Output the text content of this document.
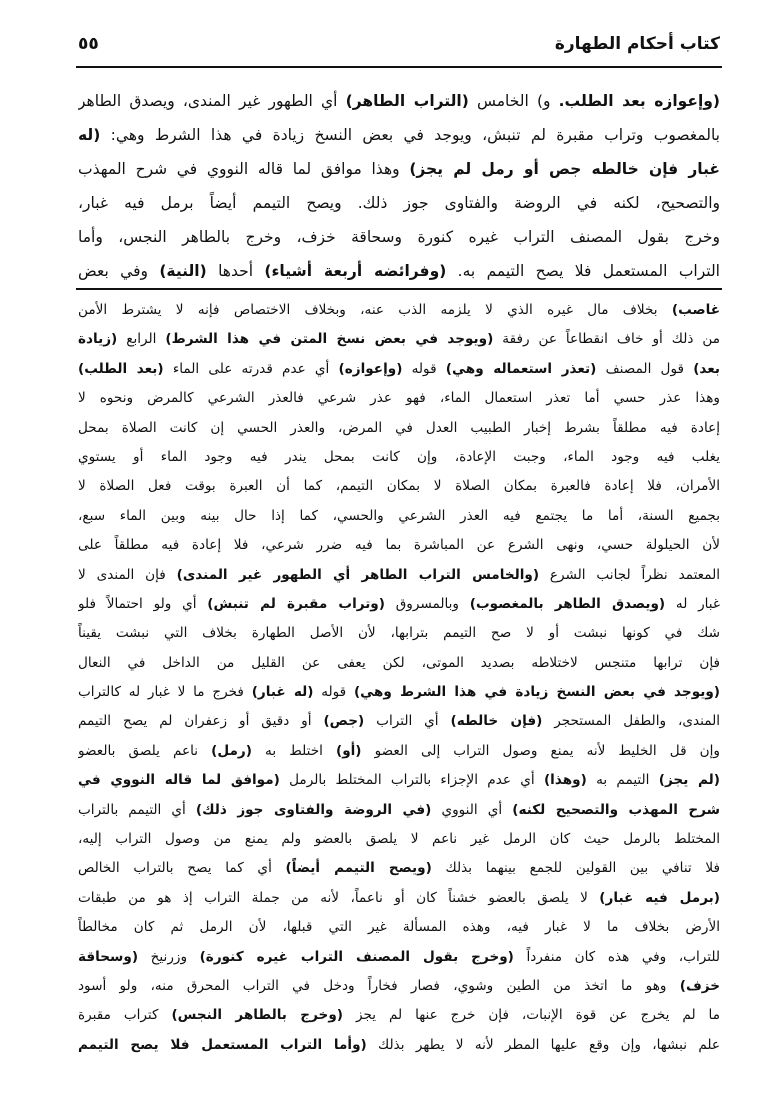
كتاب أحكام الطهارة
٥٥
(وإعوازه بعد الطلب. و) الخامس (التراب الطاهر) أي الطهور غير المندى، ويصدق الطاهر
بالمغصوب وتراب مقبرة لم تنبش، ويوجد في بعض النسخ زيادة في هذا الشرط وهي: (له
غبار فإن خالطه جص أو رمل لم يجز) وهذا موافق لما قاله النووي في شرح المهذب
والتصحيح، لكنه في الروضة والفتاوى جوز ذلك. ويصح التيمم أيضاً برمل فيه غبار،
وخرج بقول المصنف التراب غيره كنورة وسحاقة خزف، وخرج بالطاهر النجس، وأما
التراب المستعمل فلا يصح التيمم به. (وفرائضه أربعة أشياء) أحدها (النية) وفي بعض
غاصب) بخلاف مال غيره الذي لا يلزمه الذب عنه، وبخلاف الاختصاص فإنه لا يشترط الأمن
من ذلك أو خاف انقطاعاً عن رفقة (ويوجد في بعض نسخ المتن في هذا الشرط) الرابع (زيادة
بعد) قول المصنف (تعذر استعماله وهي) قوله (وإعوازه) أي عدم قدرته على الماء (بعد الطلب)
وهذا عذر حسي أما تعذر استعمال الماء، فهو عذر شرعي فالعذر الشرعي كالمرض ونحوه لا
إعادة فيه مطلقاً بشرط إخبار الطبيب العدل في المرض، والعذر الحسي إن كانت الصلاة بمحل
يغلب فيه وجود الماء، وجبت الإعادة، وإن كانت بمحل يندر فيه وجود الماء أو يستوي
الأمران، فلا إعادة فالعبرة بمكان الصلاة لا بمكان التيمم، كما أن العبرة بوقت فعل الصلاة لا
بجميع السنة، أما ما يجتمع فيه العذر الشرعي والحسي، كما إذا حال بينه وبين الماء سبع،
لأن الحيلولة حسي، ونهى الشرع عن المباشرة بما فيه ضرر شرعي، فلا إعادة فيه مطلقاً على
المعتمد نظراً لجانب الشرع (والخامس التراب الطاهر أي الطهور غير المندى) فإن المندى لا
غبار له (ويصدق الطاهر بالمغصوب) وبالمسروق (وتراب مقبرة لم تنبش) أي ولو احتمالاً فلو
شك في كونها نبشت أو لا صح التيمم بترابها، لأن الأصل الطهارة بخلاف التي نبشت يقيناً
فإن ترابها متنجس لاختلاطه بصديد الموتى، لكن يعفى عن القليل من الداخل في النعال
(ويوجد في بعض النسخ زيادة في هذا الشرط وهي) قوله (له غبار) فخرج ما لا غبار له كالتراب
المندى، والطفل المستحجر (فإن خالطه) أي التراب (جص) أو دقيق أو زعفران لم يصح التيمم
وإن قل الخليط لأنه يمنع وصول التراب إلى العضو (أو) اختلط به (رمل) ناعم يلصق بالعضو
(لم يجز) التيمم به (وهذا) أي عدم الإجزاء بالتراب المختلط بالرمل (موافق لما قاله النووي في
شرح المهذب والتصحيح لكنه) أي النووي (في الروضة والفتاوى جوز ذلك) أي التيمم بالتراب
المختلط بالرمل حيث كان الرمل غير ناعم لا يلصق بالعضو ولم يمنع من وصول التراب إليه،
فلا تنافي بين القولين للجمع بينهما بذلك (ويصح التيمم أيضاً) أي كما يصح بالتراب الخالص
(برمل فيه غبار) لا يلصق بالعضو خشناً كان أو ناعماً، لأنه من جملة التراب إذ هو من طبقات
الأرض بخلاف ما لا غبار فيه، وهذه المسألة غير التي قبلها، لأن الرمل ثم كان مخالطاً
للتراب، وفي هذه كان منفرداً (وخرج بقول المصنف التراب غيره كنورة) وزرنيخ (وسحاقة
خزف) وهو ما اتخذ من الطين وشوي، فصار فخاراً ودخل في التراب المحرق منه، ولو أسود
ما لم يخرج عن قوة الإنبات، فإن خرج عنها لم يجز (وخرج بالطاهر النجس) كتراب مقبرة
علم نبشها، وإن وقع عليها المطر لأنه لا يطهر بذلك (وأما التراب المستعمل فلا يصح التيمم
